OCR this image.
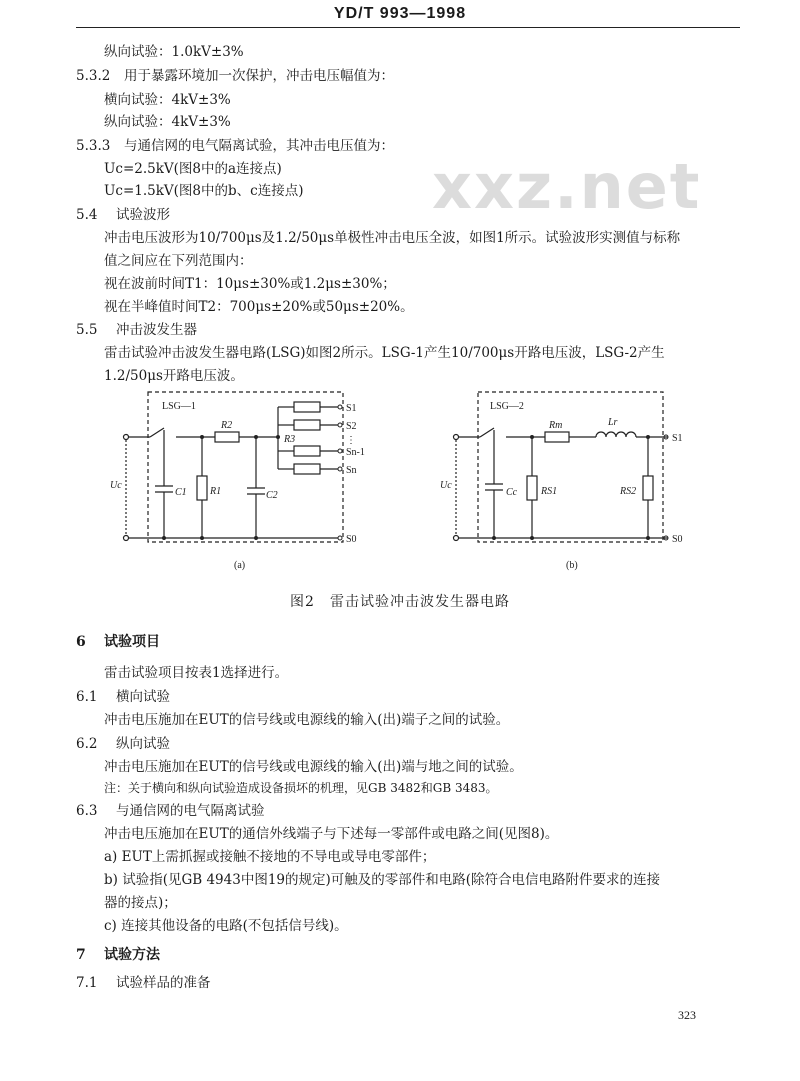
YD/T 993—1998
xxz.net
纵向试验：1.0kV±3%
5.3.2 用于暴露环境加一次保护，冲击电压幅值为：
横向试验：4kV±3%
纵向试验：4kV±3%
5.3.3 与通信网的电气隔离试验，其冲击电压值为：
Uc=2.5kV(图8中的a连接点)
Uc=1.5kV(图8中的b、c连接点)
5.4 试验波形
冲击电压波形为10/700μs及1.2/50μs单极性冲击电压全波，如图1所示。试验波形实测值与标称
值之间应在下列范围内：
视在波前时间T1：10μs±30%或1.2μs±30%；
视在半峰值时间T2：700μs±20%或50μs±20%。
5.5 冲击波发生器
雷击试验冲击波发生器电路(LSG)如图2所示。LSG-1产生10/700μs开路电压波，LSG-2产生
1.2/50μs开路电压波。
LSG—1
Uc
C1 R1
R2
C2
R3
S1
S2
⋮
Sn-1
Sn
S0
(a)
LSG—2
Uc
Cc RS1
Rm	Lr
RS2
S1
S0
(b)
图2　雷击试验冲击波发生器电路
6 试验项目
雷击试验项目按表1选择进行。
6.1 横向试验
冲击电压施加在EUT的信号线或电源线的输入(出)端子之间的试验。
6.2 纵向试验
冲击电压施加在EUT的信号线或电源线的输入(出)端与地之间的试验。
注：关于横向和纵向试验造成设备损坏的机理，见GB 3482和GB 3483。
6.3 与通信网的电气隔离试验
冲击电压施加在EUT的通信外线端子与下述每一零部件或电路之间(见图8)。
a) EUT上需抓握或接触不接地的不导电或导电零部件；
b) 试验指(见GB 4943中图19的规定)可触及的零部件和电路(除符合电信电路附件要求的连接
器的接点)；
c) 连接其他设备的电路(不包括信号线)。
7 试验方法
7.1 试验样品的准备
323
